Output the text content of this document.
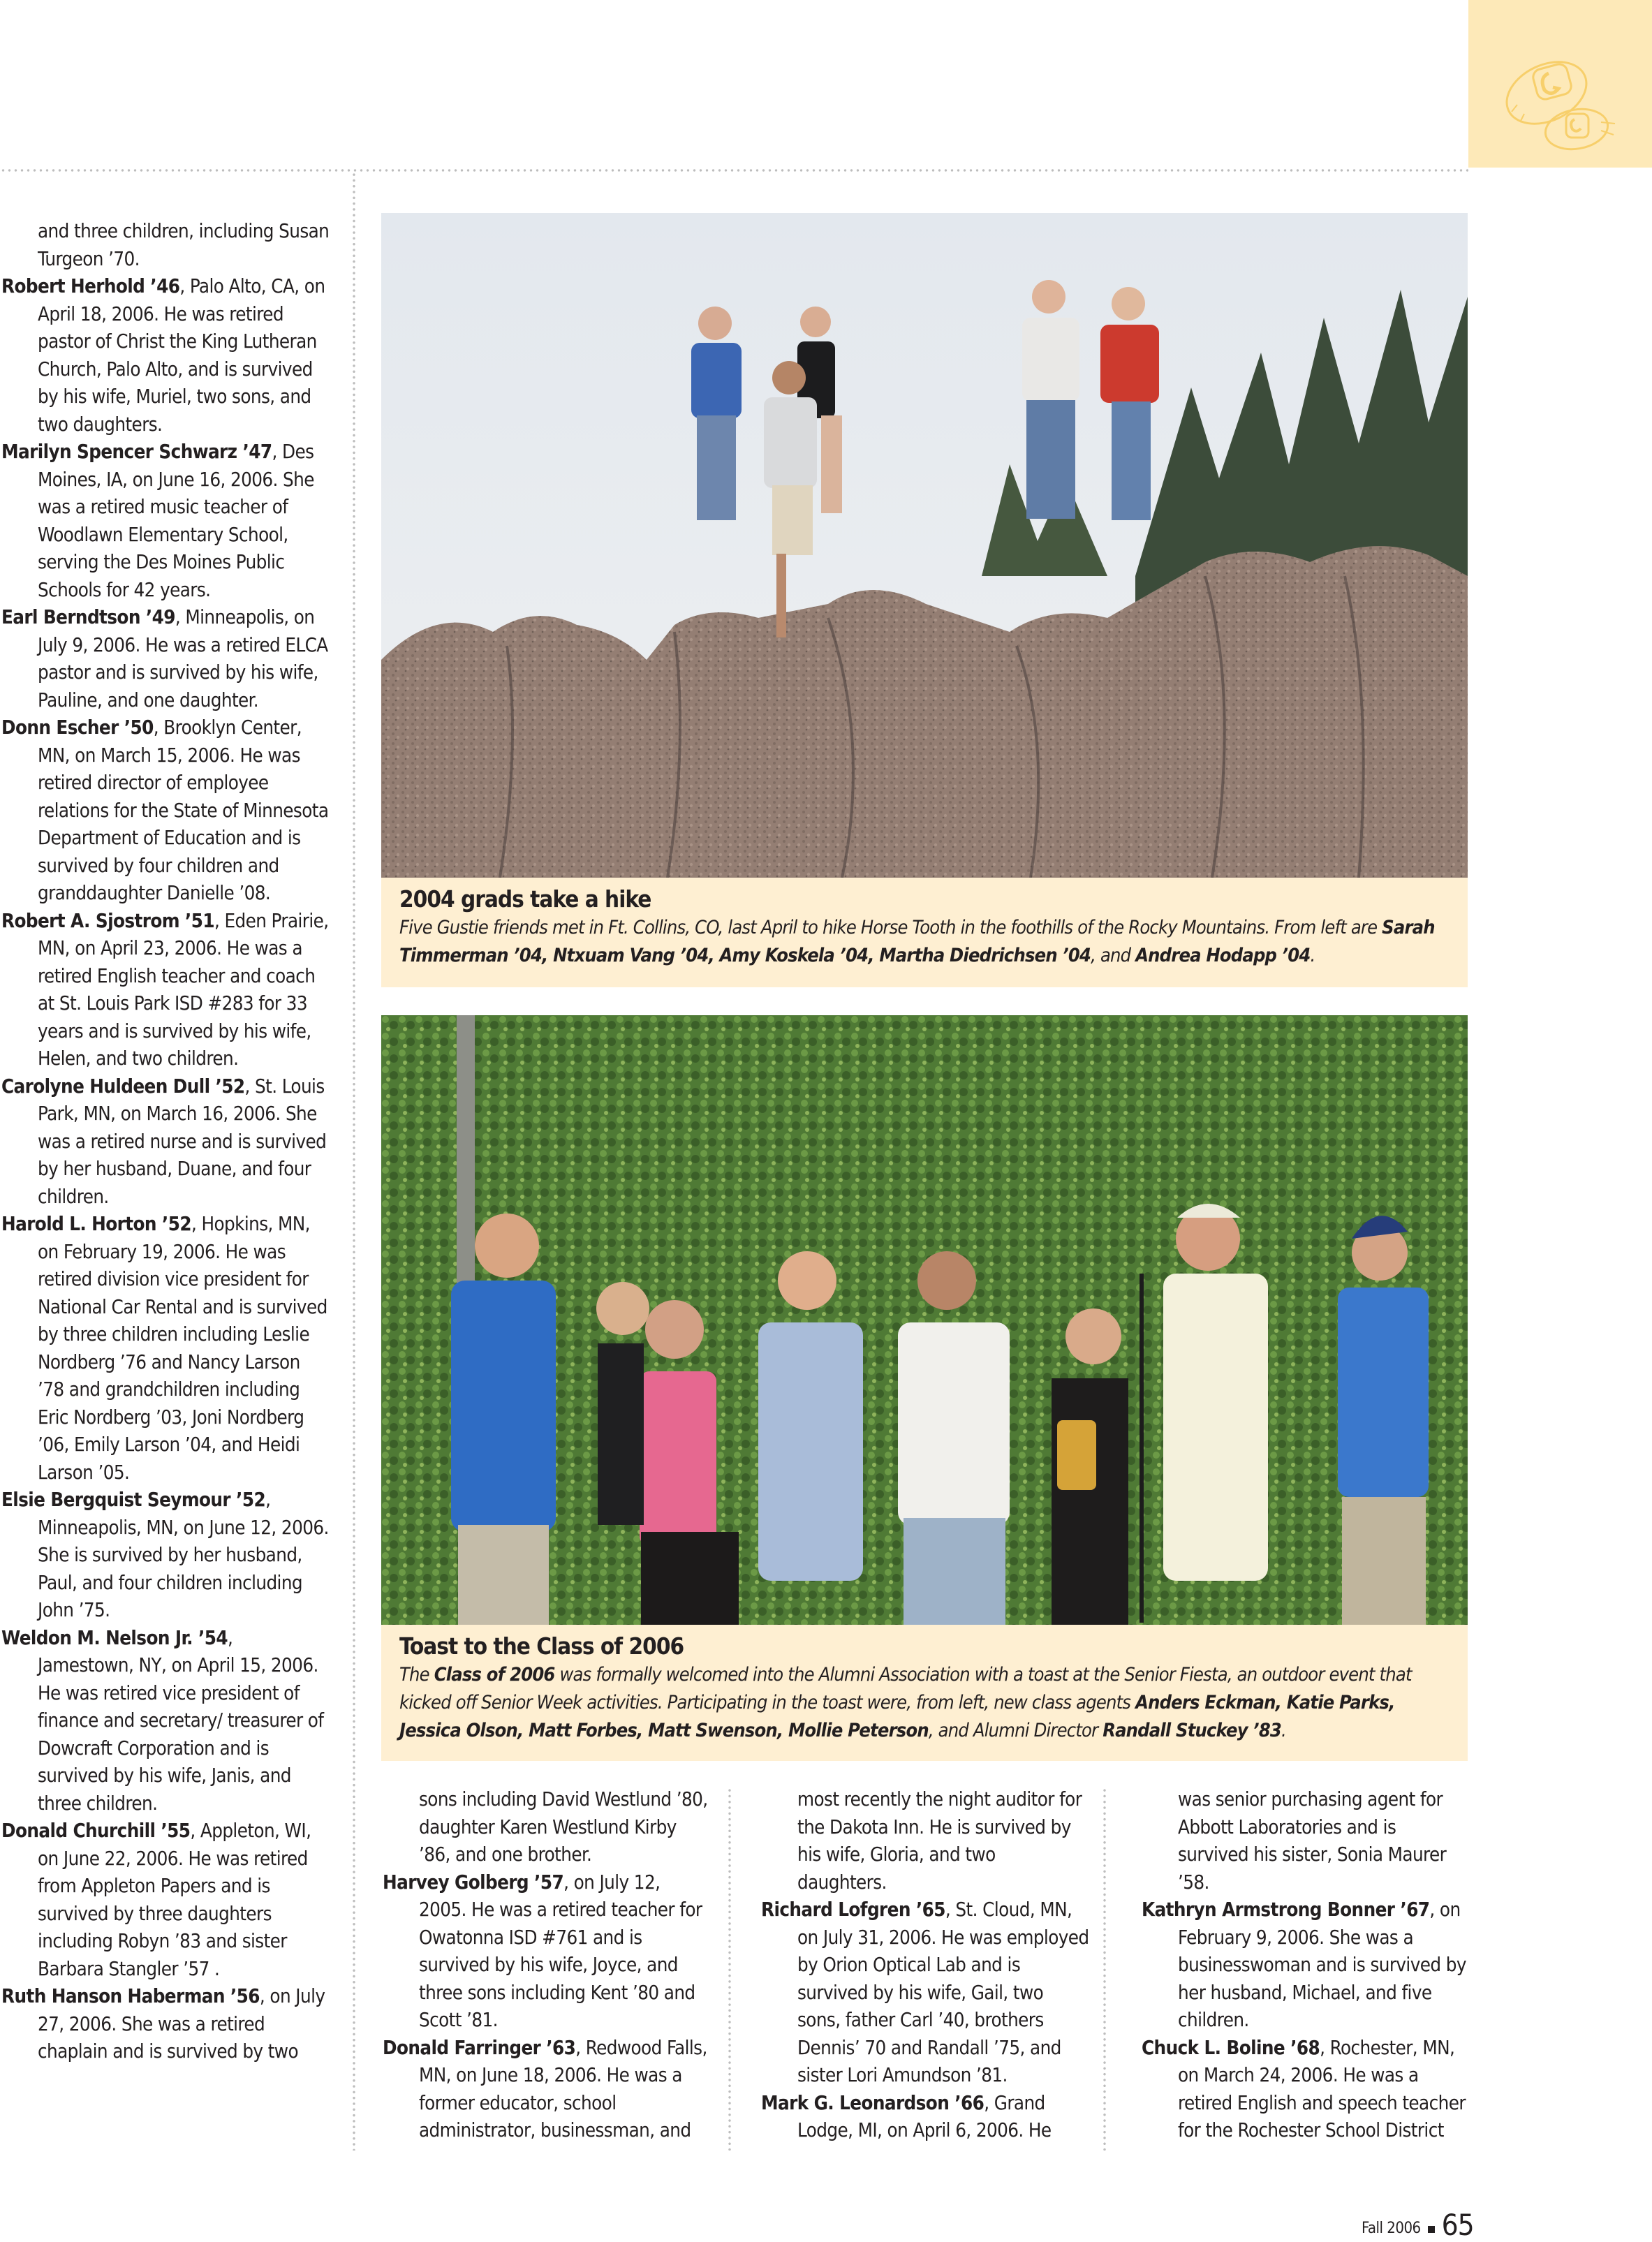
and three children, including Susan Turgeon ’70.

Robert Herhold ’46, Palo Alto, CA, on April 18, 2006. He was retired pastor of Christ the King Lutheran Church, Palo Alto, and is survived by his wife, Muriel, two sons, and two daughters.

Marilyn Spencer Schwarz ’47, Des Moines, IA, on June 16, 2006. She was a retired music teacher of Woodlawn Elementary School, serving the Des Moines Public Schools for 42 years.

Earl Berndtson ’49, Minneapolis, on July 9, 2006. He was a retired ELCA pastor and is survived by his wife, Pauline, and one daughter.

Donn Escher ’50, Brooklyn Center, MN, on March 15, 2006. He was retired director of employee relations for the State of Minnesota Department of Education and is survived by four children and granddaughter Danielle ’08.

Robert A. Sjostrom ’51, Eden Prairie, MN, on April 23, 2006. He was a retired English teacher and coach at St. Louis Park ISD #283 for 33 years and is survived by his wife, Helen, and two children.

Carolyne Huldeen Dull ’52, St. Louis Park, MN, on March 16, 2006. She was a retired nurse and is survived by her husband, Duane, and four children.

Harold L. Horton ’52, Hopkins, MN, on February 19, 2006. He was retired division vice president for National Car Rental and is survived by three children including Leslie Nordberg ’76 and Nancy Larson ’78 and grandchildren including Eric Nordberg ’03, Joni Nordberg ’06, Emily Larson ’04, and Heidi Larson ’05.

Elsie Bergquist Seymour ’52, Minneapolis, MN, on June 12, 2006. She is survived by her husband, Paul, and four children including John ’75.

Weldon M. Nelson Jr. ’54, Jamestown, NY, on April 15, 2006. He was retired vice president of finance and secretary/ treasurer of Dowcraft Corporation and is survived by his wife, Janis, and three children.

Donald Churchill ’55, Appleton, WI, on June 22, 2006. He was retired from Appleton Papers and is survived by three daughters including Robyn ’83 and sister Barbara Stangler ’57 .

Ruth Hanson Haberman ’56, on July 27, 2006. She was a retired chaplain and is survived by two

2004 grads take a hike
Five Gustie friends met in Ft. Collins, CO, last April to hike Horse Tooth in the foothills of the Rocky Mountains. From left are Sarah Timmerman ’04, Ntxuam Vang ’04, Amy Koskela ’04, Martha Diedrichsen ’04, and Andrea Hodapp ’04.
Toast to the Class of 2006
The Class of 2006 was formally welcomed into the Alumni Association with a toast at the Senior Fiesta, an outdoor event that kicked off Senior Week activities. Participating in the toast were, from left, new class agents Anders Eckman, Katie Parks, Jessica Olson, Matt Forbes, Matt Swenson, Mollie Peterson, and Alumni Director Randall Stuckey ’83.

sons including David Westlund ’80, daughter Karen Westlund Kirby ’86, and one brother.

Harvey Golberg ’57, on July 12, 2005. He was a retired teacher for Owatonna ISD #761 and is survived by his wife, Joyce, and three sons including Kent ’80 and Scott ’81.

Donald Farringer ’63, Redwood Falls, MN, on June 18, 2006. He was a former educator, school administrator, businessman, and

most recently the night auditor for the Dakota Inn. He is survived by his wife, Gloria, and two daughters.

Richard Lofgren ’65, St. Cloud, MN, on July 31, 2006. He was employed by Orion Optical Lab and is survived by his wife, Gail, two sons, father Carl ’40, brothers Dennis’ 70 and Randall ’75, and sister Lori Amundson ’81.

Mark G. Leonardson ’66, Grand Lodge, MI, on April 6, 2006. He

was senior purchasing agent for Abbott Laboratories and is survived his sister, Sonia Maurer ’58.

Kathryn Armstrong Bonner ’67, on February 9, 2006. She was a businesswoman and is survived by her husband, Michael, and five children.

Chuck L. Boline ’68, Rochester, MN, on March 24, 2006. He was a retired English and speech teacher for the Rochester School District

Fall 2006 65
